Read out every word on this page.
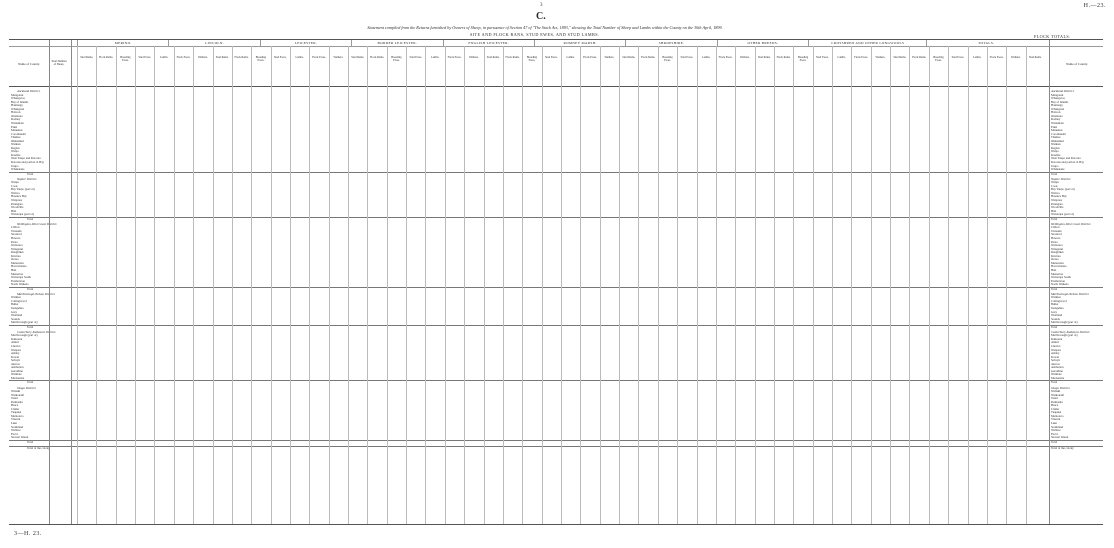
3	H.—23.
C.
Statement compiled from the Returns furnished by Owners of Sheep, in pursuance of Section 47 of "The Stock Act, 1893," showing the Total Number of Sheep and Lambs within the County on the 30th April, 1899.
SITE AND FLOCK BANS, STUD EWES, AND STUD LAMBS.	FLOCK TOTALS.
MERINO.	LINCOLN.	LEICESTER.	BORDER LEICESTER.	ENGLISH LEICESTER.	ROMNEY MARSH.	SHROPSHIRE.	OTHER BREEDS.	CROSSBRED AND OTHER LONGWOOLS	TOTALS.
Name of County.
Total Number of Sheep.	Name of County.
Stud Rams.	Flock Rams.	Breeding Ewes.
Stud Ewes.	Lambs.	Flock Ewes.	Wethers.	Stud Rams.	Flock Rams.	Breeding Ewes.
Stud Ewes.	Lambs.	Flock Ewes.	Wethers.	Stud Rams.	Flock Rams.	Breeding Ewes.
Stud Ewes.	Lambs.	Flock Ewes.	Wethers.	Stud Rams.	Flock Rams.	Breeding Ewes.
Stud Ewes.	Lambs.	Flock Ewes.	Wethers.	Stud Rams.	Flock Rams.	Breeding Ewes.
Stud Ewes.	Lambs.	Flock Ewes.	Wethers.	Stud Rams.	Flock Rams.	Breeding Ewes.
Stud Ewes.	Lambs.	Flock Ewes.	Wethers.	Stud Rams.	Flock Rams.	Breeding Ewes.
Stud Ewes.	Lambs.	Flock Ewes.	Wethers.	Stud Rams.
Auckland District.	Auckland District.
Mangonui	Mangonui
Whangaroa	Whangaroa
Bay of Islands	Bay of Islands
Hokianga	Hokianga
Whangarei	Whangarei
Hobson	Hobson
Otamatea	Otamatea
Rodney	Rodney
Waitemata	Waitemata
Eden	Eden
Manukau	Manukau
Coromandel	Coromandel
Thames	Thames
Ohinemuri	Ohinemuri
Waikato	Waikato
Raglan	Raglan
Waipa	Waipa
Kawhia	Kawhia
West Taupo and Rotorua	West Taupo and Rotorua
Rotorua and portion of Bay	Rotorua and portion of Bay
Taupo	Taupo
Whakatane	Whakatane
Total	Total
Napier District.	Napier District.
Waipu	Waipu
Cook	Cook
Bay Taupo (part of)	Bay Taupo (part of)
Wairoa	Wairoa
Hawke's Bay	Hawke's Bay
Waipawa	Waipawa
Patangata	Patangata
Woodville	Woodville
Hutt	Hutt
Wairarapa (part of)	Wairarapa (part of)
Total	Total
Wellington-West Coast District.	Wellington-West Coast District.
Clifton	Clifton
Taranaki	Taranaki
Stratford	Stratford
Hawera	Hawera
Patea	Patea
Waitotara	Waitotara
Wanganui	Wanganui
Rangitikei	Rangitikei
Kiwitea	Kiwitea
Oroua	Oroua
Manawatu	Manawatu
Horowhenua	Horowhenua
Hutt	Hutt
Masterton	Masterton
Wairarapa South	Wairarapa South
Featherston	Featherston
North Waikato	North Waikato
Total	Total
Marlborough-Nelson District.	Marlborough-Nelson District.
Waimea	Waimea
Collingwood	Collingwood
Buller	Buller
Inangahua	Inangahua
Grey	Grey
Westland	Westland
Sounds	Sounds
Marlborough (part of)	Marlborough (part of)
Total	Total
Canterbury-Kaikoura District.	Canterbury-Kaikoura District.
Marlborough (part of)	Marlborough (part of)
Kaikoura	Kaikoura
Amuri	Amuri
Cheviot	Cheviot
Waipara	Waipara
Ashley	Ashley
Kowai	Kowai
Selwyn	Selwyn
Akaroa	Akaroa
Ashburton	Ashburton
Geraldine	Geraldine
Waimate	Waimate
Mackenzie	Mackenzie
Total	Total
Otago District.	Otago District.
Waitaki	Waitaki
Waikouaiti	Waikouaiti
Taieri	Taieri
Peninsula	Peninsula
Bruce	Bruce
Clutha	Clutha
Tuapeka	Tuapeka
Maniototo	Maniototo
Vincent	Vincent
Lake	Lake
Southland	Southland
Wallace	Wallace
Fiord	Fiord
Stewart Island	Stewart Island
Total	Total
Total of the colony	Total of the colony
3—H. 23.
